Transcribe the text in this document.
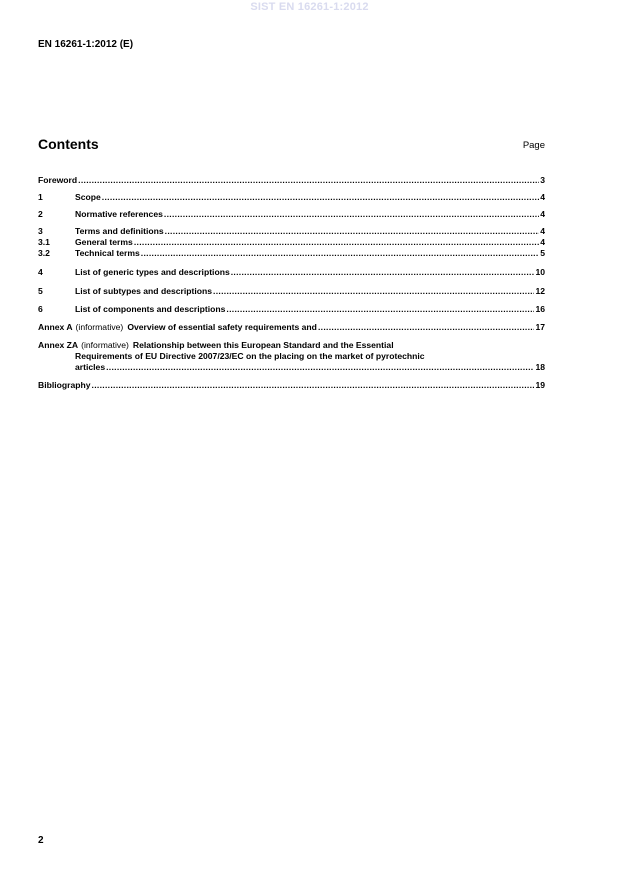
SIST EN 16261-1:2012
EN 16261-1:2012 (E)
Contents	Page
Foreword .....	3
1	Scope .....	4
2	Normative references .....	4
3	Terms and definitions .....	4
3.1	General terms .....	4
3.2	Technical terms .....	5
4	List of generic types and descriptions .....	10
5	List of subtypes and descriptions .....	12
6	List of components and descriptions .....	16
Annex A (informative) Overview of essential safety requirements and .....	17
Annex ZA (informative) Relationship between this European Standard and the Essential
Requirements of EU Directive 2007/23/EC on the placing on the market of pyrotechnic
articles .....	18
Bibliography .....	19
2
